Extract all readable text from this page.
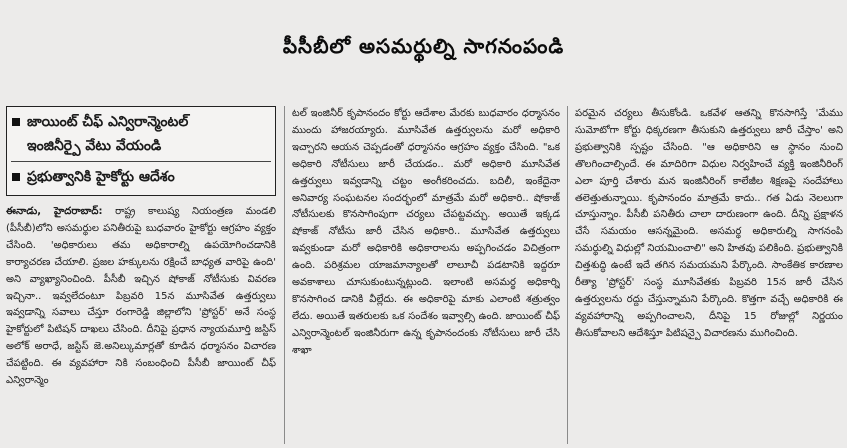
పీసీబీలో అసమర్థుల్ని సాగనంపండి
జాయింట్ చీఫ్ ఎన్విరాన్మెంటల్
ఇంజినీర్పై వేటు వేయండి
ప్రభుత్వానికి హైకోర్టు ఆదేశం

ఈనాడు, హైదరాబాద్: రాష్ట్ర కాలుష్య నియంత్రణ మండలి (పీసీబీ)లోని అసమర్థుల పనితీరుపై బుధవారం హైకోర్టు ఆగ్రహం వ్యక్తం చేసింది. 'అధికారులు తమ అధికారాల్ని ఉపయోగించడానికి కార్యాచరణ చేయాలి. ప్రజల హక్కులను రక్షించే బాధ్యత వారిపై ఉంది' అని వ్యాఖ్యానించింది. పీసీబీ ఇచ్చిన షోకాజ్ నోటీసుకు వివరణ ఇచ్చినా.. ఇవ్వలేదంటూ పిబ్రవరి 15న మూసివేత ఉత్తర్వులు ఇవ్వడాన్ని సవాలు చేస్తూ రంగారెడ్డి జిల్లాలోని 'ప్రోస్టర్' అనే సంస్థ హైకోర్టులో పిటిషన్ దాఖలు చేసింది. దీనిపై ప్రధాన న్యాయమూర్తి జస్టిస్ అలోక్ అరాధే, జస్టిస్ జె.అనిల్కుమార్లతో కూడిన ధర్మాసనం విచారణ చేపట్టింది. ఈ వ్యవహారా నికి సంబంధించి పీసీబీ జాయింట్ చీఫ్ ఎన్విరాన్మెం

టల్ ఇంజినీర్ కృపానందం కోర్టు ఆదేశాల మేరకు బుధవారం ధర్మాసనం ముందు హాజరయ్యారు. మూసివేత ఉత్తర్వులను మరో అధికారి ఇచ్చారని ఆయన చెప్పడంతో ధర్మాసనం ఆగ్రహం వ్యక్తం చేసింది. "ఒక అధికారి నోటీసులు జారీ చేయడం.. మరో అధికారి మూసివేత ఉత్తర్వులు ఇవ్వడాన్ని చట్టం అంగీకరించదు. బదిలీ, ఇంకేదైనా అనివార్య సంఘటనల సందర్భంలో మాత్రమే మరో అధికారి.. షోకాజ్ నోటీసులకు కొనసాగింపుగా చర్యలు చేపట్టవచ్చు. అయితే ఇక్కడ షోకాజ్ నోటీసు జారీ చేసిన అధికారి.. మూసివేత ఉత్తర్వులు ఇవ్వకుండా మరో అధికారికి అధికారాలను అప్పగించడం విచిత్రంగా ఉంది. పరిశ్రమల యాజమాన్యాలతో లాలూచీ పడటానికి ఇద్దరూ అవకాశాలు చూసుకుంటున్నట్లుంది. ఇలాంటి అసమర్థ అధికార్ని కొనసాగించ డానికి వీల్లేదు. ఈ అధికారిపై మాకు ఎలాంటి శత్రుత్వం లేదు. అయితే ఇతరులకు ఒక సందేశం ఇవ్వాల్సి ఉంది. జాయింట్ చీఫ్ ఎన్విరాన్మెంటల్ ఇంజినీరుగా ఉన్న కృపానందంకు నోటీసులు జారీ చేసి శాఖా

పరమైన చర్యలు తీసుకోండి. ఒకవేళ ఆతన్ని కొనసాగిస్తే 'మేము సుమోటోగా కోర్టు ధిక్కరణగా తీసుకుని ఉత్తర్వులు జారీ చేస్తాం' అని ప్రభుత్వానికి స్పష్టం చేసింది. "ఆ అధికారిని ఆ స్థానం నుంచి తొలగించాల్సిందే. ఈ మాదిరిగా విధుల నిర్వహించే వ్యక్తి ఇంజినీరింగ్ ఎలా పూర్తి చేశారు మన ఇంజినీరింగ్ కాలేజీల శిక్షణపై సందేహాలు తలెత్తుతున్నాయి. కృపానందం మాత్రమే కాదు.. గత ఏడు నెలలుగా చూస్తున్నాం. పీసీబీ పనితీరు చాలా దారుణంగా ఉంది. దీన్ని ప్రక్షాళన చేసే సమయం ఆసన్నమైంది. అసమర్థ అధికారుల్ని సాగనంపి సమర్థుల్ని విధుల్లో నియమించాలి" అని హితవు పలికింది. ప్రభుత్వానికి చిత్తశుద్ధి ఉంటే ఇదే తగిన సమయమని పేర్కొంది. సాంకేతిక కారణాల రీత్యా 'ప్రోస్టర్' సంస్థ మూసివేతకు పిబ్రవరి 15న జారీ చేసిన ఉత్తర్వులను రద్దు చేస్తున్నామని పేర్కొంది. కొత్తగా వచ్చే అధికారికి ఈ వ్యవహారాన్ని అప్పగించాలని, దీనిపై 15 రోజుల్లో నిర్ణయం తీసుకోవాలని ఆదేశిస్తూ పిటిషన్పై విచారణను ముగించింది.
